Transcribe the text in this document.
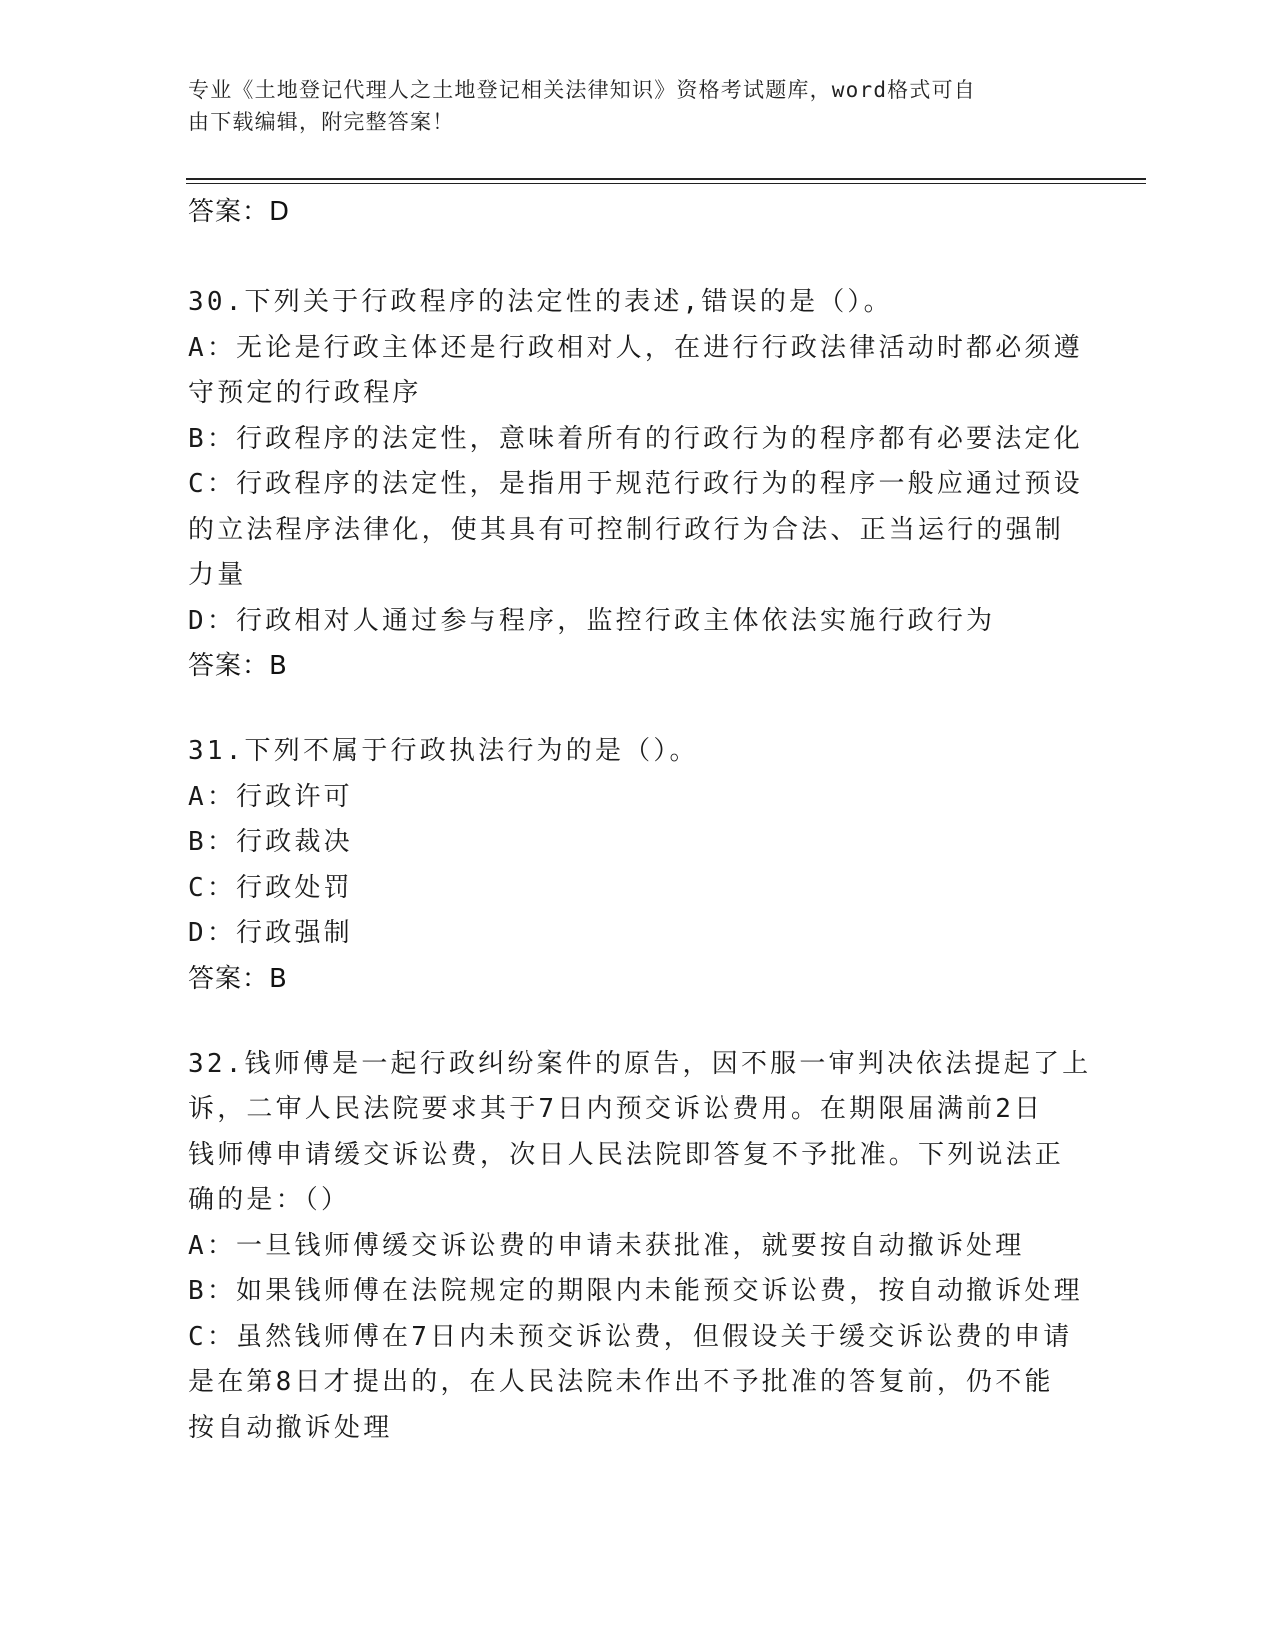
专业《土地登记代理人之土地登记相关法律知识》资格考试题库，word格式可自
由下载编辑，附完整答案！
答案：D
30.下列关于行政程序的法定性的表述,错误的是（）。
A：无论是行政主体还是行政相对人，在进行行政法律活动时都必须遵
守预定的行政程序
B：行政程序的法定性，意味着所有的行政行为的程序都有必要法定化
C：行政程序的法定性，是指用于规范行政行为的程序一般应通过预设
的立法程序法律化，使其具有可控制行政行为合法、正当运行的强制
力量
D：行政相对人通过参与程序，监控行政主体依法实施行政行为
答案：B
31.下列不属于行政执法行为的是（）。
A：行政许可
B：行政裁决
C：行政处罚
D：行政强制
答案：B
32.钱师傅是一起行政纠纷案件的原告，因不服一审判决依法提起了上
诉，二审人民法院要求其于7日内预交诉讼费用。在期限届满前2日
钱师傅申请缓交诉讼费，次日人民法院即答复不予批准。下列说法正
确的是：（）
A：一旦钱师傅缓交诉讼费的申请未获批准，就要按自动撤诉处理
B：如果钱师傅在法院规定的期限内未能预交诉讼费，按自动撤诉处理
C：虽然钱师傅在7日内未预交诉讼费，但假设关于缓交诉讼费的申请
是在第8日才提出的，在人民法院未作出不予批准的答复前，仍不能
按自动撤诉处理
